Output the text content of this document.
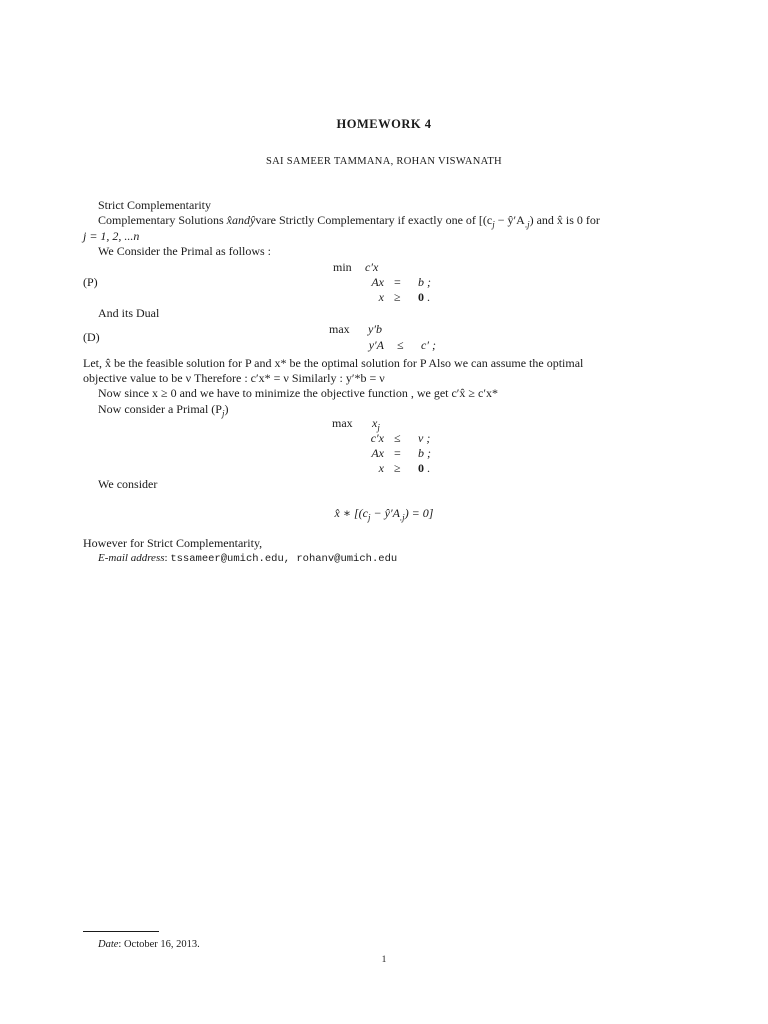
HOMEWORK 4
SAI SAMEER TAMMANA, ROHAN VISWANATH
Strict Complementarity
Complementary Solutions x̂andŷvare Strictly Complementary if exactly one of [($c_j$ − $ŷ'A_{.j}$) and x̂ is 0 for
j = 1, 2, ...n
We Consider the Primal as follows :
(P)
min c′x
Ax =	b ;
x ≥	0 .
And its Dual
(D)
max y′b
y′A ≤	c′ ;
Let, x̂ be the feasible solution for P and x* be the optimal solution for P Also we can assume the optimal
objective value to be ν Therefore : c′x* = ν Similarly : y′*b = ν
Now since x ≥ 0 and we have to minimize the objective function , we get c′x̂ ≥ c′x*
Now consider a Primal $(P_j)$
$\max x_j$
c′x ≤	ν ;
Ax =	b ;
x ≥	0 .
We consider
x̂ ∗ [($c_j$ − $ŷ'A_{.j}) = 0$]
However for Strict Complementarity,
E-mail address: tssameer@umich.edu, rohanv@umich.edu
Date: October 16, 2013.
1
